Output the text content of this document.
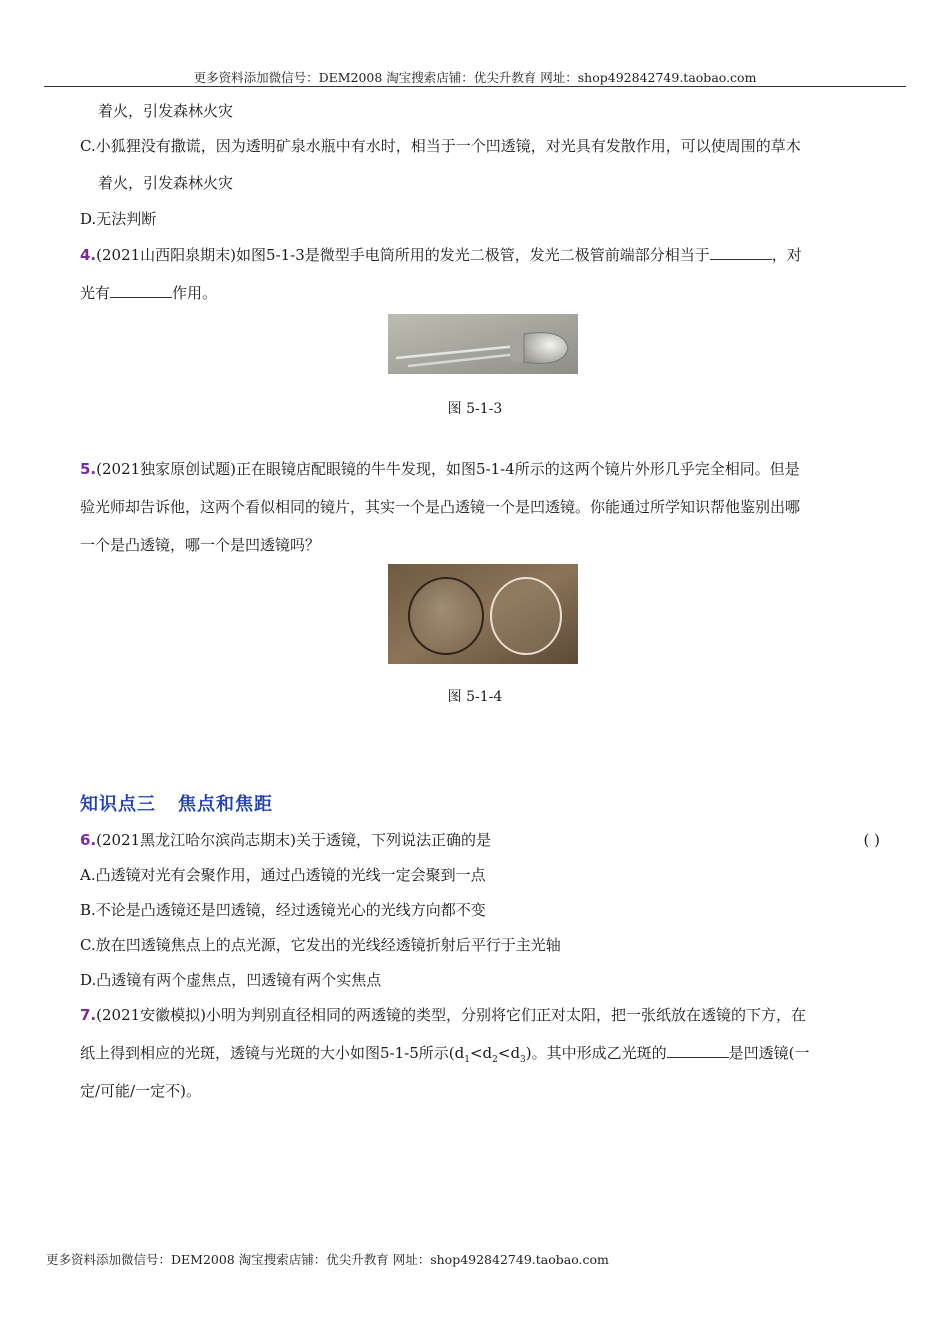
更多资料添加微信号：DEM2008 淘宝搜索店铺：优尖升教育 网址：shop492842749.taobao.com
着火，引发森林火灾
C.小狐狸没有撒谎，因为透明矿泉水瓶中有水时，相当于一个凹透镜，对光具有发散作用，可以使周围的草木
着火，引发森林火灾
D.无法判断
4.(2021山西阳泉期末)如图5-1-3是微型手电筒所用的发光二极管，发光二极管前端部分相当于	，对
光有	作用。
图 5-1-3
5.(2021独家原创试题)正在眼镜店配眼镜的牛牛发现，如图5-1-4所示的这两个镜片外形几乎完全相同。但是
验光师却告诉他，这两个看似相同的镜片，其实一个是凸透镜一个是凹透镜。你能通过所学知识帮他鉴别出哪
一个是凸透镜，哪一个是凹透镜吗？
图 5-1-4
知识点三 焦点和焦距
6.(2021黑龙江哈尔滨尚志期末)关于透镜，下列说法正确的是	( )
A.凸透镜对光有会聚作用，通过凸透镜的光线一定会聚到一点
B.不论是凸透镜还是凹透镜，经过透镜光心的光线方向都不变
C.放在凹透镜焦点上的点光源，它发出的光线经透镜折射后平行于主光轴
D.凸透镜有两个虚焦点，凹透镜有两个实焦点
7.(2021安徽模拟)小明为判别直径相同的两透镜的类型，分别将它们正对太阳，把一张纸放在透镜的下方，在
纸上得到相应的光斑，透镜与光斑的大小如图5-1-5所示$(d_1<d_2<d_3)$。其中形成乙光斑的	是凹透镜(一
定/可能/一定不)。
更多资料添加微信号：DEM2008 淘宝搜索店铺：优尖升教育 网址：shop492842749.taobao.com
